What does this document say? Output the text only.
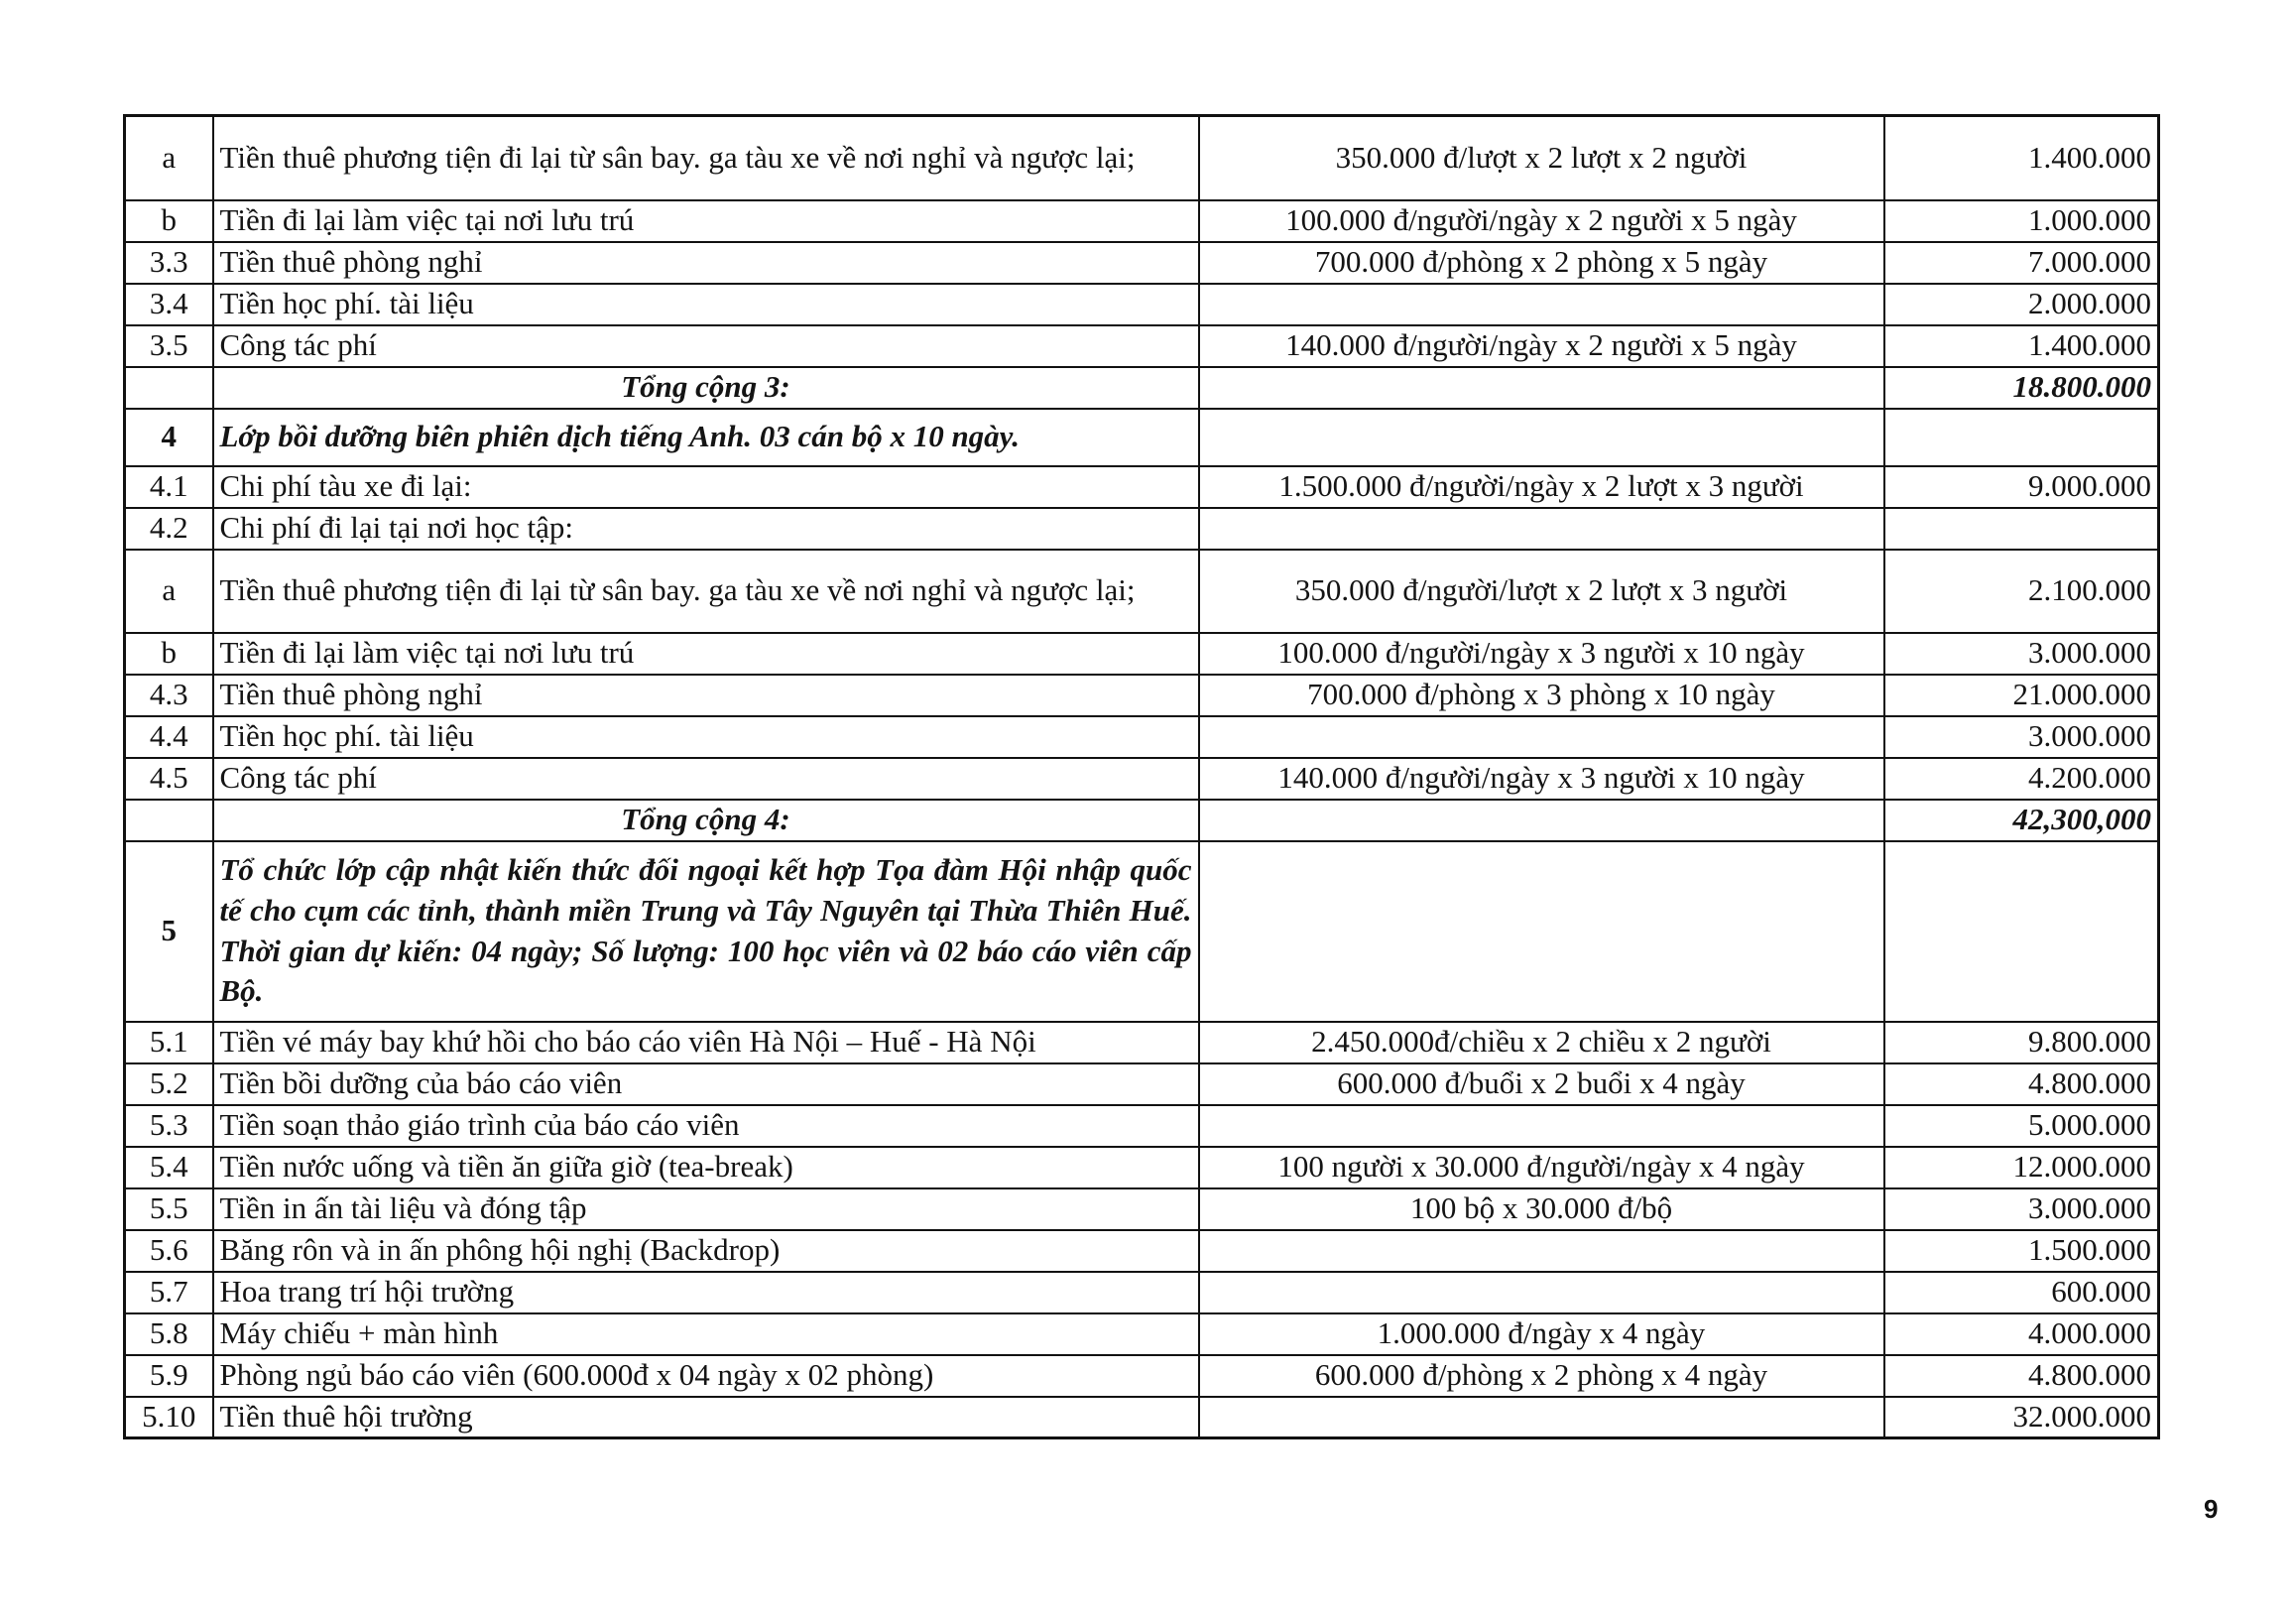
a	Tiền thuê phương tiện đi lại từ sân bay. ga tàu xe về nơi nghỉ và ngược lại;	350.000 đ/lượt x 2 lượt x 2 người	1.400.000
b	Tiền đi lại làm việc tại nơi lưu trú	100.000 đ/người/ngày x 2 người x 5 ngày	1.000.000
3.3	Tiền thuê phòng nghỉ	700.000 đ/phòng x 2 phòng x 5 ngày	7.000.000
3.4	Tiền học phí. tài liệu		2.000.000
3.5	Công tác phí	140.000 đ/người/ngày x 2 người x 5 ngày	1.400.000
	Tổng cộng 3:		18.800.000
4	Lớp bồi dưỡng biên phiên dịch tiếng Anh. 03 cán bộ x 10 ngày.		
4.1	Chi phí tàu xe đi lại:	1.500.000 đ/người/ngày x 2 lượt x 3 người	9.000.000
4.2	Chi phí đi lại tại nơi học tập:		
a	Tiền thuê phương tiện đi lại từ sân bay. ga tàu xe về nơi nghỉ và ngược lại;	350.000 đ/người/lượt x 2 lượt x 3 người	2.100.000
b	Tiền đi lại làm việc tại nơi lưu trú	100.000 đ/người/ngày x 3 người x 10 ngày	3.000.000
4.3	Tiền thuê phòng nghỉ	700.000 đ/phòng x 3 phòng x 10 ngày	21.000.000
4.4	Tiền học phí. tài liệu		3.000.000
4.5	Công tác phí	140.000 đ/người/ngày x 3 người x 10 ngày	4.200.000
	Tổng cộng 4:		42,300,000
5	Tổ chức lớp cập nhật kiến thức đối ngoại kết hợp Tọa đàm Hội nhập quốc tế cho cụm các tỉnh, thành miền Trung và Tây Nguyên tại Thừa Thiên Huế. Thời gian dự kiến: 04 ngày; Số lượng: 100 học viên và 02 báo cáo viên cấp Bộ.		
5.1	Tiền vé máy bay khứ hồi cho báo cáo viên Hà Nội – Huế - Hà Nội	2.450.000đ/chiều x 2 chiều x 2 người	9.800.000
5.2	Tiền bồi dưỡng của báo cáo viên	600.000 đ/buổi x 2 buổi x 4 ngày	4.800.000
5.3	Tiền soạn thảo giáo trình của báo cáo viên		5.000.000
5.4	Tiền nước uống và tiền ăn giữa giờ (tea-break)	100 người x 30.000 đ/người/ngày x 4 ngày	12.000.000
5.5	Tiền in ấn tài liệu và đóng tập	100 bộ x 30.000 đ/bộ	3.000.000
5.6	Băng rôn và in ấn phông hội nghị (Backdrop)		1.500.000
5.7	Hoa trang trí hội trường		600.000
5.8	Máy chiếu + màn hình	1.000.000 đ/ngày x 4 ngày	4.000.000
5.9	Phòng ngủ báo cáo viên (600.000đ x 04 ngày x 02 phòng)	600.000 đ/phòng x 2 phòng x 4 ngày	4.800.000
5.10	Tiền thuê hội trường		32.000.000
9
